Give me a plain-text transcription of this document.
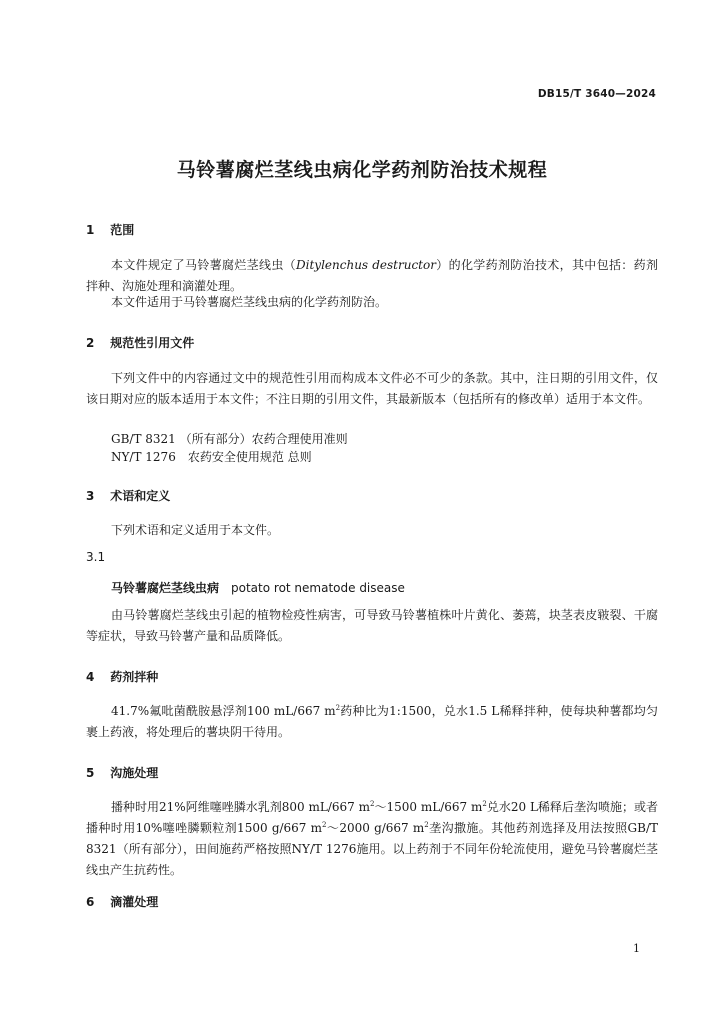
DB15/T 3640—2024
马铃薯腐烂茎线虫病化学药剂防治技术规程
1 范围
本文件规定了马铃薯腐烂茎线虫（Ditylenchus destructor）的化学药剂防治技术，其中包括：药剂拌种、沟施处理和滴灌处理。
本文件适用于马铃薯腐烂茎线虫病的化学药剂防治。
2 规范性引用文件
下列文件中的内容通过文中的规范性引用而构成本文件必不可少的条款。其中，注日期的引用文件，仅该日期对应的版本适用于本文件；不注日期的引用文件，其最新版本（包括所有的修改单）适用于本文件。
GB/T 8321 （所有部分）农药合理使用准则
NY/T 1276　农药安全使用规范 总则
3 术语和定义
下列术语和定义适用于本文件。
3.1
马铃薯腐烂茎线虫病 potato rot nematode disease
由马铃薯腐烂茎线虫引起的植物检疫性病害，可导致马铃薯植株叶片黄化、萎蔫，块茎表皮皲裂、干腐等症状，导致马铃薯产量和品质降低。
4 药剂拌种
41.7%氟吡菌酰胺悬浮剂100 mL/667 $m^2$药种比为1:1500，兑水1.5 L稀释拌种，使每块种薯都均匀裹上药液，将处理后的薯块阴干待用。
5 沟施处理
播种时用21%阿维噻唑膦水乳剂800 mL/667 $m^2\sim 1500$ mL/667 $m^2$兑水20 L稀释后垄沟喷施；或者播种时用10%噻唑膦颗粒剂1500 g/667 $m^2\sim 2000$ g/667 $m^2$垄沟撒施。其他药剂选择及用法按照GB/T 8321（所有部分），田间施药严格按照NY/T 1276施用。以上药剂于不同年份轮流使用，避免马铃薯腐烂茎线虫产生抗药性。
6 滴灌处理
1
